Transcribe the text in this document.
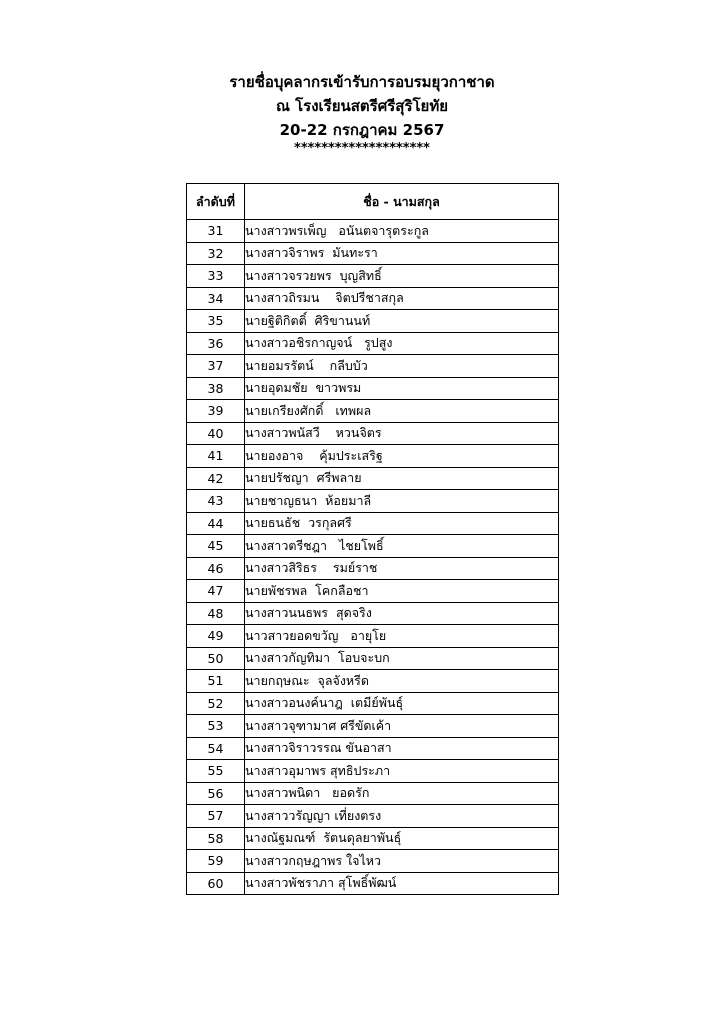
รายชื่อบุคลากรเข้ารับการอบรมยุวกาชาด
ณ โรงเรียนสตรีศรีสุริโยทัย
20-22 กรกฎาคม 2567
********************
ลำดับที่	ชื่อ - นามสกุล
31	นางสาวพรเพ็ญ   อนันตจารุตระกูล
32	นางสาวจิราพร  มันทะรา
33	นางสาวจรวยพร  บุญสิทธิ์
34	นางสาวถิรมน    จิตปรีชาสกุล
35	นายฐิติกิตติ์  ศิริขานนท์
36	นางสาวอชิรกาญจน์   รูปสูง
37	นายอมรรัตน์    กลีบบัว
38	นายอุดมชัย  ขาวพรม
39	นายเกรียงศักดิ์   เทพผล
40	นางสาวพนัสวี    หวนจิตร
41	นายองอาจ    คุ้มประเสริฐ
42	นายปรัชญา  ศรีพลาย
43	นายชาญธนา  ห้อยมาลี
44	นายธนธัช  วรกุลศรี
45	นางสาวตรีชฎา   ไชยโพธิ์
46	นางสาวสิริธร    รมย์ราช
47	นายพัชรพล  โคกลือชา
48	นางสาวนนธพร  สุดจริง
49	นาวสาวยอดขวัญ   อายุโย
50	นางสาวกัญทิมา  โอบจะบก
51	นายกฤษณะ  จุลจังหรีด
52	นางสาวอนงค์นาฎ  เตมีย์พันธุ์
53	นางสาวจุฑามาศ ศรีขัดเค้า
54	นางสาวจิราวรรณ ขันอาสา
55	นางสาวอุมาพร สุทธิประภา
56	นางสาวพนิดา   ยอดรัก
57	นางสาววรัญญา เที่ยงตรง
58	นางณัฐมณฑ์  รัตนดุลยาพันธุ์
59	นางสาวกฤษฎาพร ใจไหว
60	นางสาวพัชราภา สุโพธิ์พัฒน์
